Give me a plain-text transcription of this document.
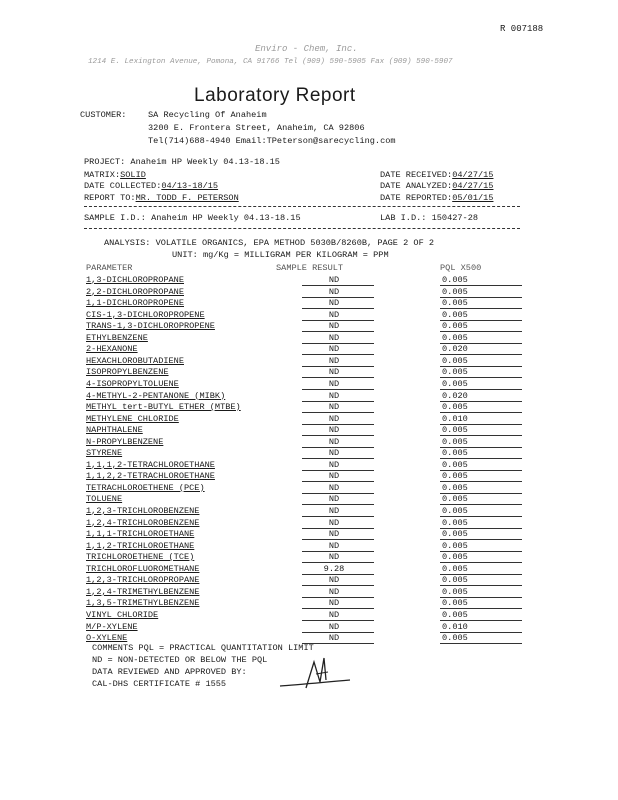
R 007188
Enviro - Chem, Inc.
1214 E. Lexington Avenue, Pomona, CA 91766 Tel (909) 590-5905 Fax (909) 590-5907
Laboratory Report
CUSTOMER:	SA Recycling Of Anaheim
3200 E. Frontera Street, Anaheim, CA 92806
Tel(714)688-4940 Email:TPeterson@sarecycling.com
PROJECT: Anaheim HP Weekly 04.13-18.15
MATRIX:SOLID
DATE COLLECTED:04/13-18/15
REPORT TO:MR. TODD F. PETERSON
DATE RECEIVED:04/27/15
DATE ANALYZED:04/27/15
DATE REPORTED:05/01/15
SAMPLE I.D.: Anaheim HP Weekly 04.13-18.15	LAB I.D.: 150427-28
ANALYSIS: VOLATILE ORGANICS, EPA METHOD 5030B/8260B, PAGE 2 OF 2
UNIT: mg/Kg = MILLIGRAM PER KILOGRAM = PPM
PARAMETER	SAMPLE RESULT	PQL X500
1,3-DICHLOROPROPANE	ND	0.005
2,2-DICHLOROPROPANE	ND	0.005
1,1-DICHLOROPROPENE	ND	0.005
CIS-1,3-DICHLOROPROPENE	ND	0.005
TRANS-1,3-DICHLOROPROPENE	ND	0.005
ETHYLBENZENE	ND	0.005
2-HEXANONE	ND	0.020
HEXACHLOROBUTADIENE	ND	0.005
ISOPROPYLBENZENE	ND	0.005
4-ISOPROPYLTOLUENE	ND	0.005
4-METHYL-2-PENTANONE (MIBK)	ND	0.020
METHYL tert-BUTYL ETHER (MTBE)	ND	0.005
METHYLENE CHLORIDE	ND	0.010
NAPHTHALENE	ND	0.005
N-PROPYLBENZENE	ND	0.005
STYRENE	ND	0.005
1,1,1,2-TETRACHLOROETHANE	ND	0.005
1,1,2,2-TETRACHLOROETHANE	ND	0.005
TETRACHLOROETHENE (PCE)	ND	0.005
TOLUENE	ND	0.005
1,2,3-TRICHLOROBENZENE	ND	0.005
1,2,4-TRICHLOROBENZENE	ND	0.005
1,1,1-TRICHLOROETHANE	ND	0.005
1,1,2-TRICHLOROETHANE	ND	0.005
TRICHLOROETHENE (TCE)	ND	0.005
TRICHLOROFLUOROMETHANE	9.28	0.005
1,2,3-TRICHLOROPROPANE	ND	0.005
1,2,4-TRIMETHYLBENZENE	ND	0.005
1,3,5-TRIMETHYLBENZENE	ND	0.005
VINYL CHLORIDE	ND	0.005
M/P-XYLENE	ND	0.010
O-XYLENE	ND	0.005
COMMENTS PQL = PRACTICAL QUANTITATION LIMIT
ND = NON-DETECTED OR BELOW THE PQL
DATA REVIEWED AND APPROVED BY:
CAL-DHS CERTIFICATE # 1555
